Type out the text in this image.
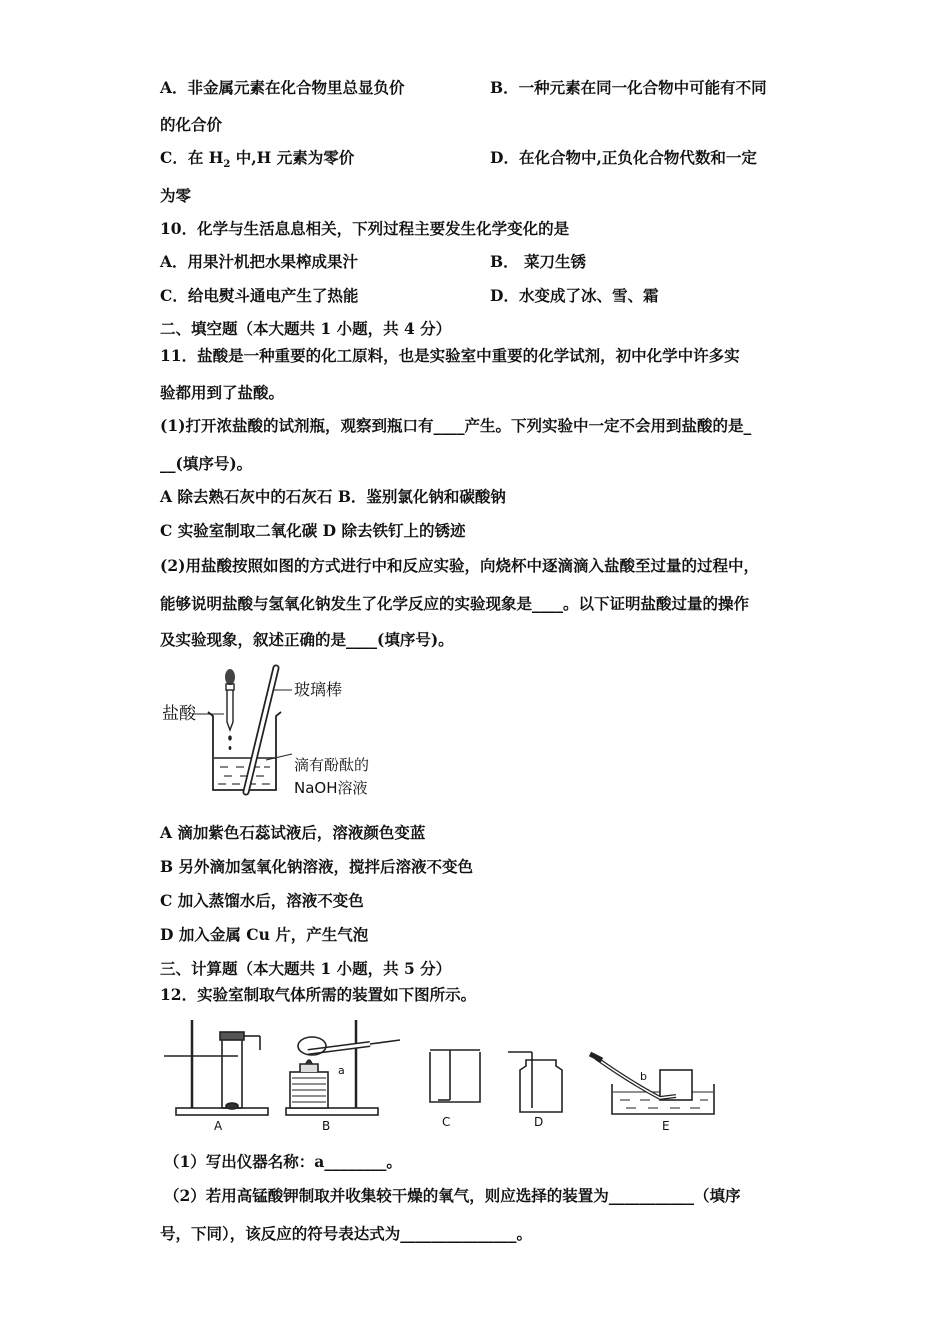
A．非金属元素在化合物里总显负价	B．一种元素在同一化合物中可能有不同
的化合价
C．在 $H_2$ 中,H 元素为零价	D．在化合物中,正负化合物代数和一定
为零
10．化学与生活息息相关，下列过程主要发生化学变化的是
A．用果汁机把水果榨成果汁	B． 菜刀生锈
C．给电熨斗通电产生了热能	D．水变成了冰、雪、霜
二、填空题（本大题共 1 小题，共 4 分）
11．盐酸是一种重要的化工原料，也是实验室中重要的化学试剂，初中化学中许多实
验都用到了盐酸。
(1)打开浓盐酸的试剂瓶，观察到瓶口有____产生。下列实验中一定不会用到盐酸的是_
__(填序号)。
A 除去熟石灰中的石灰石 B．鉴别氯化钠和碳酸钠
C 实验室制取二氧化碳 D 除去铁钉上的锈迹
(2)用盐酸按照如图的方式进行中和反应实验，向烧杯中逐滴滴入盐酸至过量的过程中，
能够说明盐酸与氢氧化钠发生了化学反应的实验现象是____。以下证明盐酸过量的操作
及实验现象，叙述正确的是____(填序号)。
盐酸
玻璃棒
滴有酚酞的
NaOH溶液
A 滴加紫色石蕊试液后，溶液颜色变蓝
B 另外滴加氢氧化钠溶液，搅拌后溶液不变色
C 加入蒸馏水后，溶液不变色
D 加入金属 Cu 片，产生气泡
三、计算题（本大题共 1 小题，共 5 分）
12．实验室制取气体所需的装置如下图所示。
A	B	C	D	E
a	b
（1）写出仪器名称：a________。
（2）若用高锰酸钾制取并收集较干燥的氧气，则应选择的装置为___________（填序
号，下同），该反应的符号表达式为_______________。
